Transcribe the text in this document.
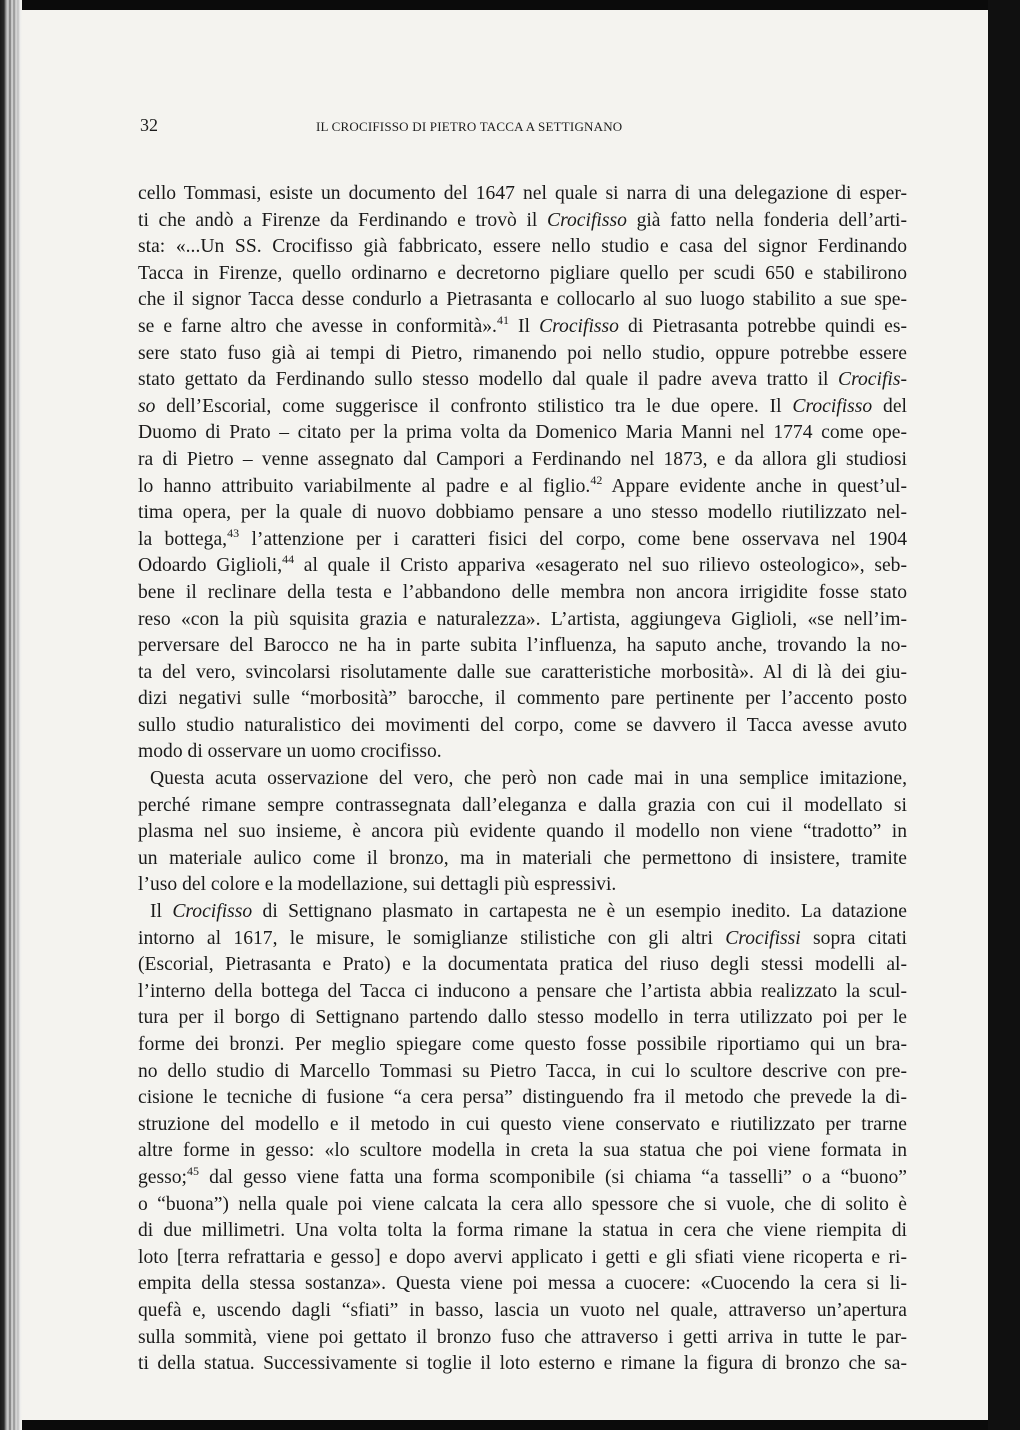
32	IL CROCIFISSO DI PIETRO TACCA A SETTIGNANO
cello Tommasi, esiste un documento del 1647 nel quale si narra di una delegazione di esper-
ti che andò a Firenze da Ferdinando e trovò il Crocifisso già fatto nella fonderia dell’arti-
sta: «...Un SS. Crocifisso già fabbricato, essere nello studio e casa del signor Ferdinando
Tacca in Firenze, quello ordinarno e decretorno pigliare quello per scudi 650 e stabilirono
che il signor Tacca desse condurlo a Pietrasanta e collocarlo al suo luogo stabilito a sue spe-
se e farne altro che avesse in conformità».$^{41}$ Il Crocifisso di Pietrasanta potrebbe quindi es-
sere stato fuso già ai tempi di Pietro, rimanendo poi nello studio, oppure potrebbe essere
stato gettato da Ferdinando sullo stesso modello dal quale il padre aveva tratto il Crocifis-
so dell’Escorial, come suggerisce il confronto stilistico tra le due opere. Il Crocifisso del
Duomo di Prato – citato per la prima volta da Domenico Maria Manni nel 1774 come ope-
ra di Pietro – venne assegnato dal Campori a Ferdinando nel 1873, e da allora gli studiosi
lo hanno attribuito variabilmente al padre e al figlio.$^{42}$ Appare evidente anche in quest’ul-
tima opera, per la quale di nuovo dobbiamo pensare a uno stesso modello riutilizzato nel-
la bottega,$^{43}$ l’attenzione per i caratteri fisici del corpo, come bene osservava nel 1904
Odoardo Giglioli,$^{44}$ al quale il Cristo appariva «esagerato nel suo rilievo osteologico», seb-
bene il reclinare della testa e l’abbandono delle membra non ancora irrigidite fosse stato
reso «con la più squisita grazia e naturalezza». L’artista, aggiungeva Giglioli, «se nell’im-
perversare del Barocco ne ha in parte subita l’influenza, ha saputo anche, trovando la no-
ta del vero, svincolarsi risolutamente dalle sue caratteristiche morbosità». Al di là dei giu-
dizi negativi sulle “morbosità” barocche, il commento pare pertinente per l’accento posto
sullo studio naturalistico dei movimenti del corpo, come se davvero il Tacca avesse avuto
modo di osservare un uomo crocifisso.
Questa acuta osservazione del vero, che però non cade mai in una semplice imitazione,
perché rimane sempre contrassegnata dall’eleganza e dalla grazia con cui il modellato si
plasma nel suo insieme, è ancora più evidente quando il modello non viene “tradotto” in
un materiale aulico come il bronzo, ma in materiali che permettono di insistere, tramite
l’uso del colore e la modellazione, sui dettagli più espressivi.
Il Crocifisso di Settignano plasmato in cartapesta ne è un esempio inedito. La datazione
intorno al 1617, le misure, le somiglianze stilistiche con gli altri Crocifissi sopra citati
(Escorial, Pietrasanta e Prato) e la documentata pratica del riuso degli stessi modelli al-
l’interno della bottega del Tacca ci inducono a pensare che l’artista abbia realizzato la scul-
tura per il borgo di Settignano partendo dallo stesso modello in terra utilizzato poi per le
forme dei bronzi. Per meglio spiegare come questo fosse possibile riportiamo qui un bra-
no dello studio di Marcello Tommasi su Pietro Tacca, in cui lo scultore descrive con pre-
cisione le tecniche di fusione “a cera persa” distinguendo fra il metodo che prevede la di-
struzione del modello e il metodo in cui questo viene conservato e riutilizzato per trarne
altre forme in gesso: «lo scultore modella in creta la sua statua che poi viene formata in
gesso;$^{45}$ dal gesso viene fatta una forma scomponibile (si chiama “a tasselli” o a “buono”
o “buona”) nella quale poi viene calcata la cera allo spessore che si vuole, che di solito è
di due millimetri. Una volta tolta la forma rimane la statua in cera che viene riempita di
loto [terra refrattaria e gesso] e dopo avervi applicato i getti e gli sfiati viene ricoperta e ri-
empita della stessa sostanza». Questa viene poi messa a cuocere: «Cuocendo la cera si li-
quefà e, uscendo dagli “sfiati” in basso, lascia un vuoto nel quale, attraverso un’apertura
sulla sommità, viene poi gettato il bronzo fuso che attraverso i getti arriva in tutte le par-
ti della statua. Successivamente si toglie il loto esterno e rimane la figura di bronzo che sa-
